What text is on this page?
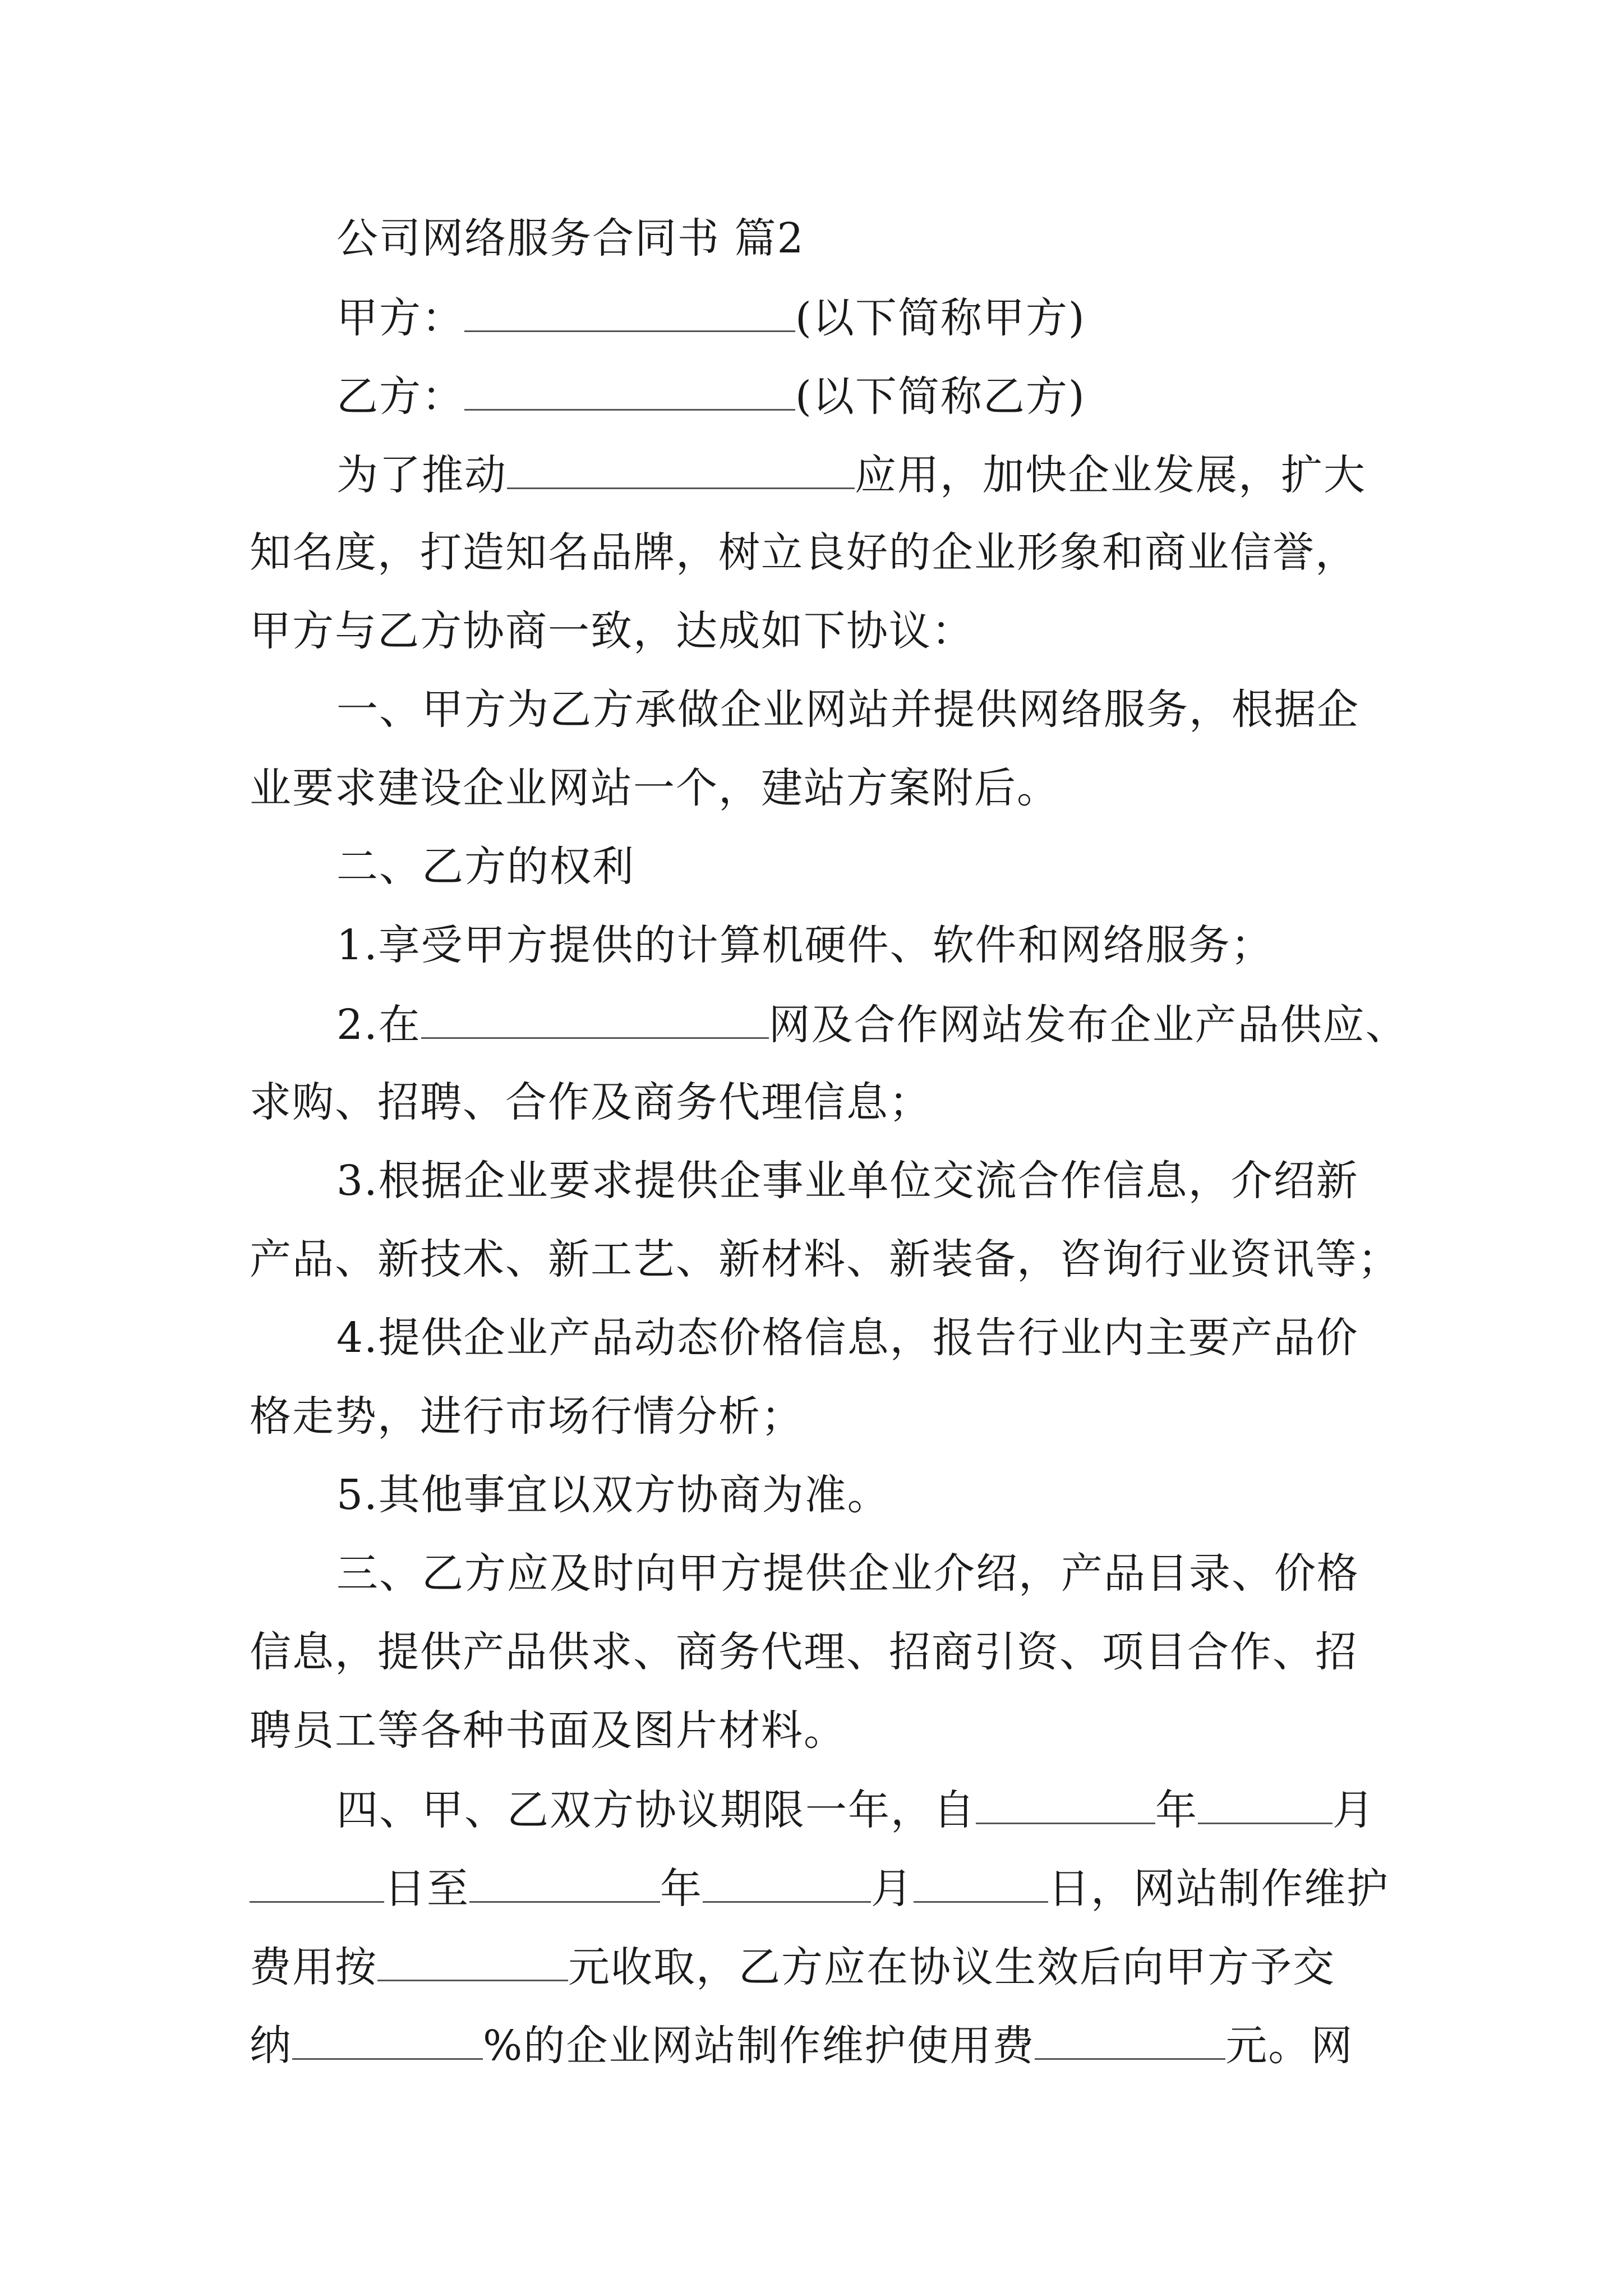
公司网络服务合同书 篇2
甲方：	(以下简称甲方)
乙方：	(以下简称乙方)
为了推动	应用，加快企业发展，扩大
知名度，打造知名品牌，树立良好的企业形象和商业信誉，
甲方与乙方协商一致，达成如下协议：
一、甲方为乙方承做企业网站并提供网络服务，根据企
业要求建设企业网站一个，建站方案附后。
二、乙方的权利
1.享受甲方提供的计算机硬件、软件和网络服务；
2.在	网及合作网站发布企业产品供应、
求购、招聘、合作及商务代理信息；
3.根据企业要求提供企事业单位交流合作信息，介绍新
产品、新技术、新工艺、新材料、新装备，咨询行业资讯等；
4.提供企业产品动态价格信息，报告行业内主要产品价
格走势，进行市场行情分析；
5.其他事宜以双方协商为准。
三、乙方应及时向甲方提供企业介绍，产品目录、价格
信息，提供产品供求、商务代理、招商引资、项目合作、招
聘员工等各种书面及图片材料。
四、甲、乙双方协议期限一年，自	年	月
日至	年	月	日，网站制作维护
费用按	元收取，乙方应在协议生效后向甲方予交
纳	%的企业网站制作维护使用费	元。网
